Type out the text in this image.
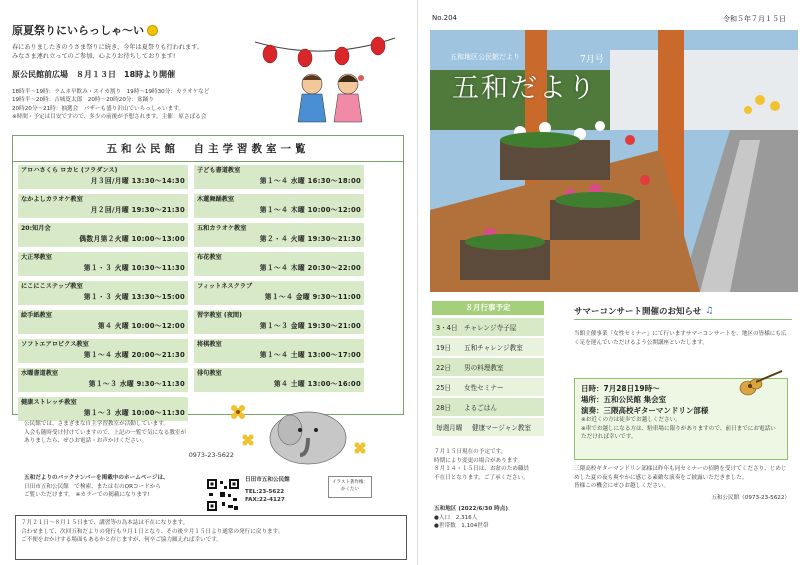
原夏祭りにいらっしゃ〜い
春にありましたきのうさま祭りに続き、今年は夏祭りも行われます。
みなさま連れ立ってのご参加、心よりお待ちしております!
原公民館前広場　８月１３日　18時より開催
18時半〜19時：ラムネ早飲み・スイカ割り　19時〜19時30分：カラオケなど
19時半〜20時：吉城寛太郎　20時〜20時20分：盆踊り
20時20分〜21時：抽選会　バザーも盛り沢山でいらっしゃいます。
※時間・予定は目安ですので、多少の前後が予想されます。主催：原さばる会
五和公民館　自主学習教室一覧
アロハさくら ロカヒ (フラダンス)
月３回/月曜 13:30〜14:30
子ども書道教室
第１〜４ 水曜 16:30〜18:00
なかよしカラオケ教室
月２回/月曜 19:30〜21:30
木蓮舞踊教室
第１〜４ 木曜 10:00〜12:00
20:知月会
偶数月第２火曜 10:00〜13:00
五和カラオケ教室
第２・４ 火曜 19:30〜21:30
大正琴教室
第１・３ 火曜 10:30〜11:30
布花教室
第１〜４ 木曜 20:30〜22:00
にこにこステップ教室
第１・３ 火曜 13:30〜15:00
フィットネスクラブ
第１〜４ 金曜 9:30〜11:00
絵手紙教室
第４ 火曜 10:00〜12:00
習字教室 (夜間)
第１〜３ 金曜 19:30〜21:00
ソフトエアロビクス教室
第１〜４ 水曜 20:00〜21:30
将棋教室
第１〜４ 土曜 13:00〜17:00
水曜書道教室
第１〜３ 水曜 9:30〜11:30
俳句教室
第４ 土曜 13:00〜16:00
健康ストレッチ教室
第１〜３ 水曜 10:00〜11:30
公民館では、さまざまな自主学習教室が活動しています。
入会も随時受け付けていますので、上記の一覧で気になる教室が
ありましたら、ぜひお電話・お声かけください。
0973-23-5622
五和だよりのバックナンバーを掲載中のホームページは、
日田市五和公民館　で検索、または右のQRコードから
ご覧いただけます。 ※カラーでの掲載になります!
日田市五和公民館
TEL:23-5622
FAX:22-4127
イラスト著作権：かくたい
７月２１日〜８月１５日まで、講習等の為本誌は不在になります。
合わせまして、次回五和だよりの発行も９月１日となり、その後９月１５日より通常の発行に戻ります。
ご不便をおかけする場面もあるかと存じますが、何卒ご協力願えれば幸いです。
No.204	令和５年７月１５日
五和地区公民館だより	7月号
五和だより
８月行事予定
3・4日 チャレンジ寺子屋
19日	五和チャレンジ教室
22日	男の料理教室
25日	女性セミナー
28日	よるごはん
毎週月曜	健康マージャン教室
７月１５日現在の予定です。
時期により変更の場合があります。
８月１４・１５日は、お盆のため職員
不在日となります。ご了承ください。
五和地区 (2022/6/30 時点)
●人口　 2,316人
●世帯数　 1,104世帯
サマーコンサート開催のお知らせ ♫
当館主催事業「女性セミナー」にて行いますサマーコンサートを、地区の皆様にも広く足を運んでいただけるよう公開講座といたします。
日時：7月28日19時〜
場所：五和公民館 集会室
演奏：三隈高校ギターマンドリン部様
※お近くの方は徒歩でお越しください。
※車でお越しになる方は、駐車場に限りがありますので、前日までにお電話いただければ幸いです。
三隈高校ギターマンドリン部様は昨年も同セミナーの招聘を受けてくださり、じめじめした夏の夜も爽やかに感じる素敵な演奏をご披露いただきました。
皆様この機会にぜひお越しください。
五和公民館（0973-23-5622）
